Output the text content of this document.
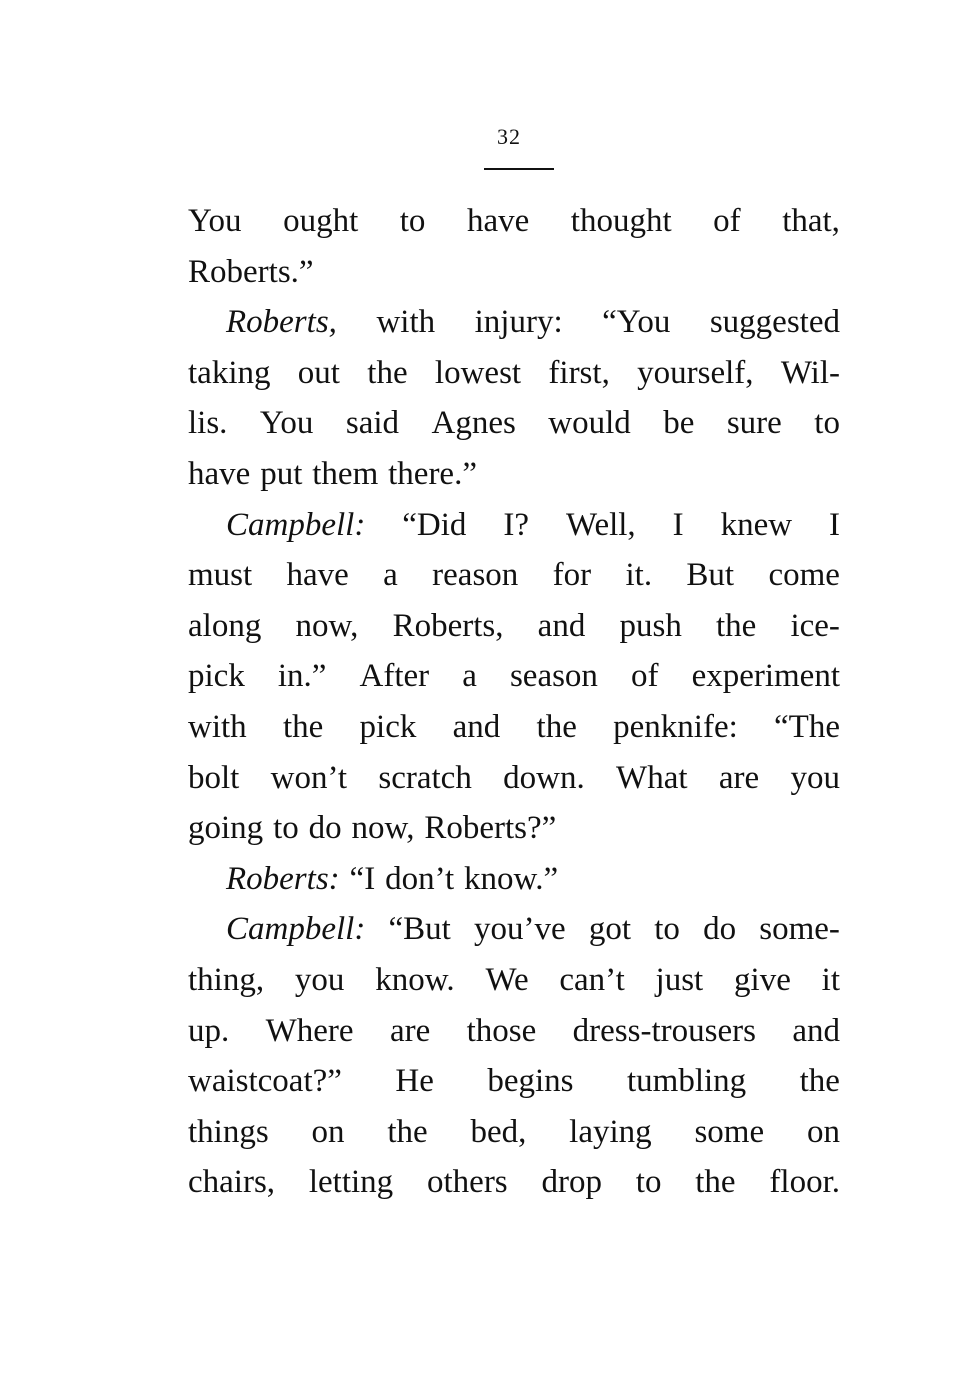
32
You ought to have thought of that,
Roberts.”
Roberts, with injury: “You suggested
taking out the lowest first, yourself, Wil-
lis. You said Agnes would be sure to
have put them there.”
Campbell: “Did I? Well, I knew I
must have a reason for it. But come
along now, Roberts, and push the ice-
pick in.” After a season of experiment
with the pick and the penknife: “The
bolt won’t scratch down. What are you
going to do now, Roberts?”
Roberts: “I don’t know.”
Campbell: “But you’ve got to do some-
thing, you know. We can’t just give it
up. Where are those dress-trousers and
waistcoat?” He begins tumbling the
things on the bed, laying some on
chairs, letting others drop to the floor.
